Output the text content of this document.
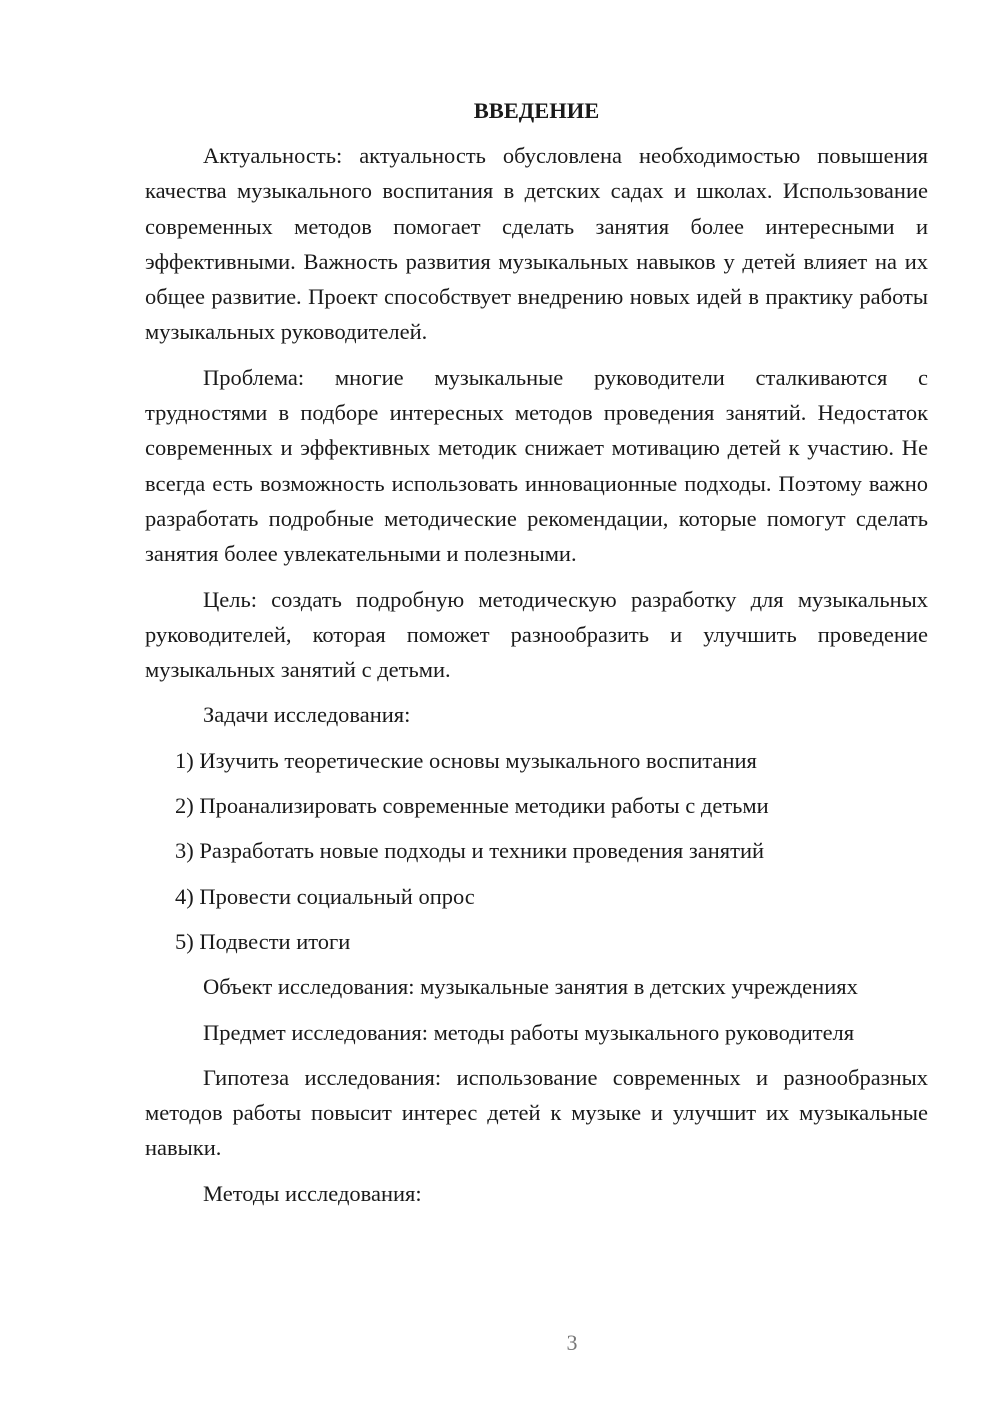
ВВЕДЕНИЕ

Актуальность: актуальность обусловлена необходимостью повышения качества музыкального воспитания в детских садах и школах. Использование современных методов помогает сделать занятия более интересными и эффективными. Важность развития музыкальных навыков у детей влияет на их общее развитие. Проект способствует внедрению новых идей в практику работы музыкальных руководителей.

Проблема: многие музыкальные руководители сталкиваются с трудностями в подборе интересных методов проведения занятий. Недостаток современных и эффективных методик снижает мотивацию детей к участию. Не всегда есть возможность использовать инновационные подходы. Поэтому важно разработать подробные методические рекомендации, которые помогут сделать занятия более увлекательными и полезными.

Цель: создать подробную методическую разработку для музыкальных руководителей, которая поможет разнообразить и улучшить проведение музыкальных занятий с детьми.

Задачи исследования:

1) Изучить теоретические основы музыкального воспитания
2) Проанализировать современные методики работы с детьми
3) Разработать новые подходы и техники проведения занятий
4) Провести социальный опрос
5) Подвести итоги

Объект исследования: музыкальные занятия в детских учреждениях

Предмет исследования: методы работы музыкального руководителя

Гипотеза исследования: использование современных и разнообразных методов работы повысит интерес детей к музыке и улучшит их музыкальные навыки.

Методы исследования:

3
